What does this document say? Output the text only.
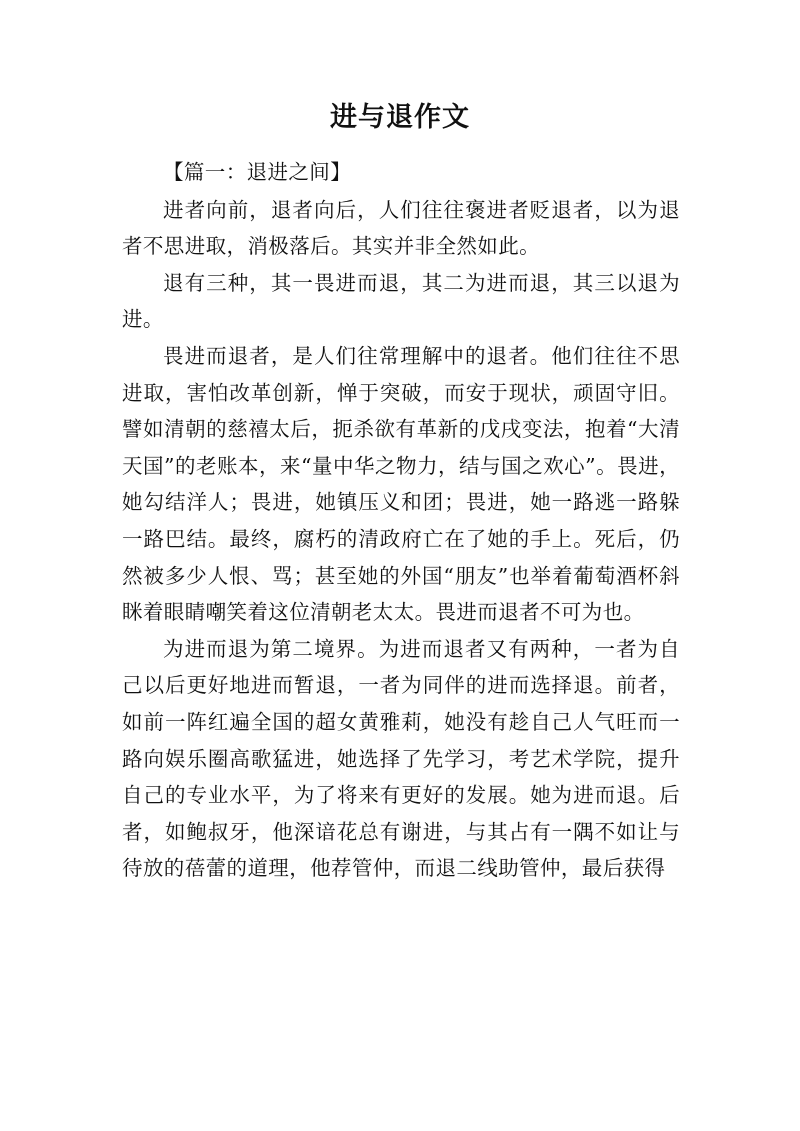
进与退作文

【篇一：退进之间】

进者向前，退者向后，人们往往褒进者贬退者，以为退者不思进取，消极落后。其实并非全然如此。

退有三种，其一畏进而退，其二为进而退，其三以退为进。

畏进而退者，是人们往常理解中的退者。他们往往不思进取，害怕改革创新，惮于突破，而安于现状，顽固守旧。譬如清朝的慈禧太后，扼杀欲有革新的戊戌变法，抱着“大清天国”的老账本，来“量中华之物力，结与国之欢心”。畏进，她勾结洋人；畏进，她镇压义和团；畏进，她一路逃一路躲一路巴结。最终，腐朽的清政府亡在了她的手上。死后，仍然被多少人恨、骂；甚至她的外国“朋友”也举着葡萄酒杯斜眯着眼睛嘲笑着这位清朝老太太。畏进而退者不可为也。

为进而退为第二境界。为进而退者又有两种，一者为自己以后更好地进而暂退，一者为同伴的进而选择退。前者，如前一阵红遍全国的超女黄雅莉，她没有趁自己人气旺而一路向娱乐圈高歌猛进，她选择了先学习，考艺术学院，提升自己的专业水平，为了将来有更好的发展。她为进而退。后者，如鲍叔牙，他深谙花总有谢进，与其占有一隅不如让与待放的蓓蕾的道理，他荐管仲，而退二线助管仲，最后获得
